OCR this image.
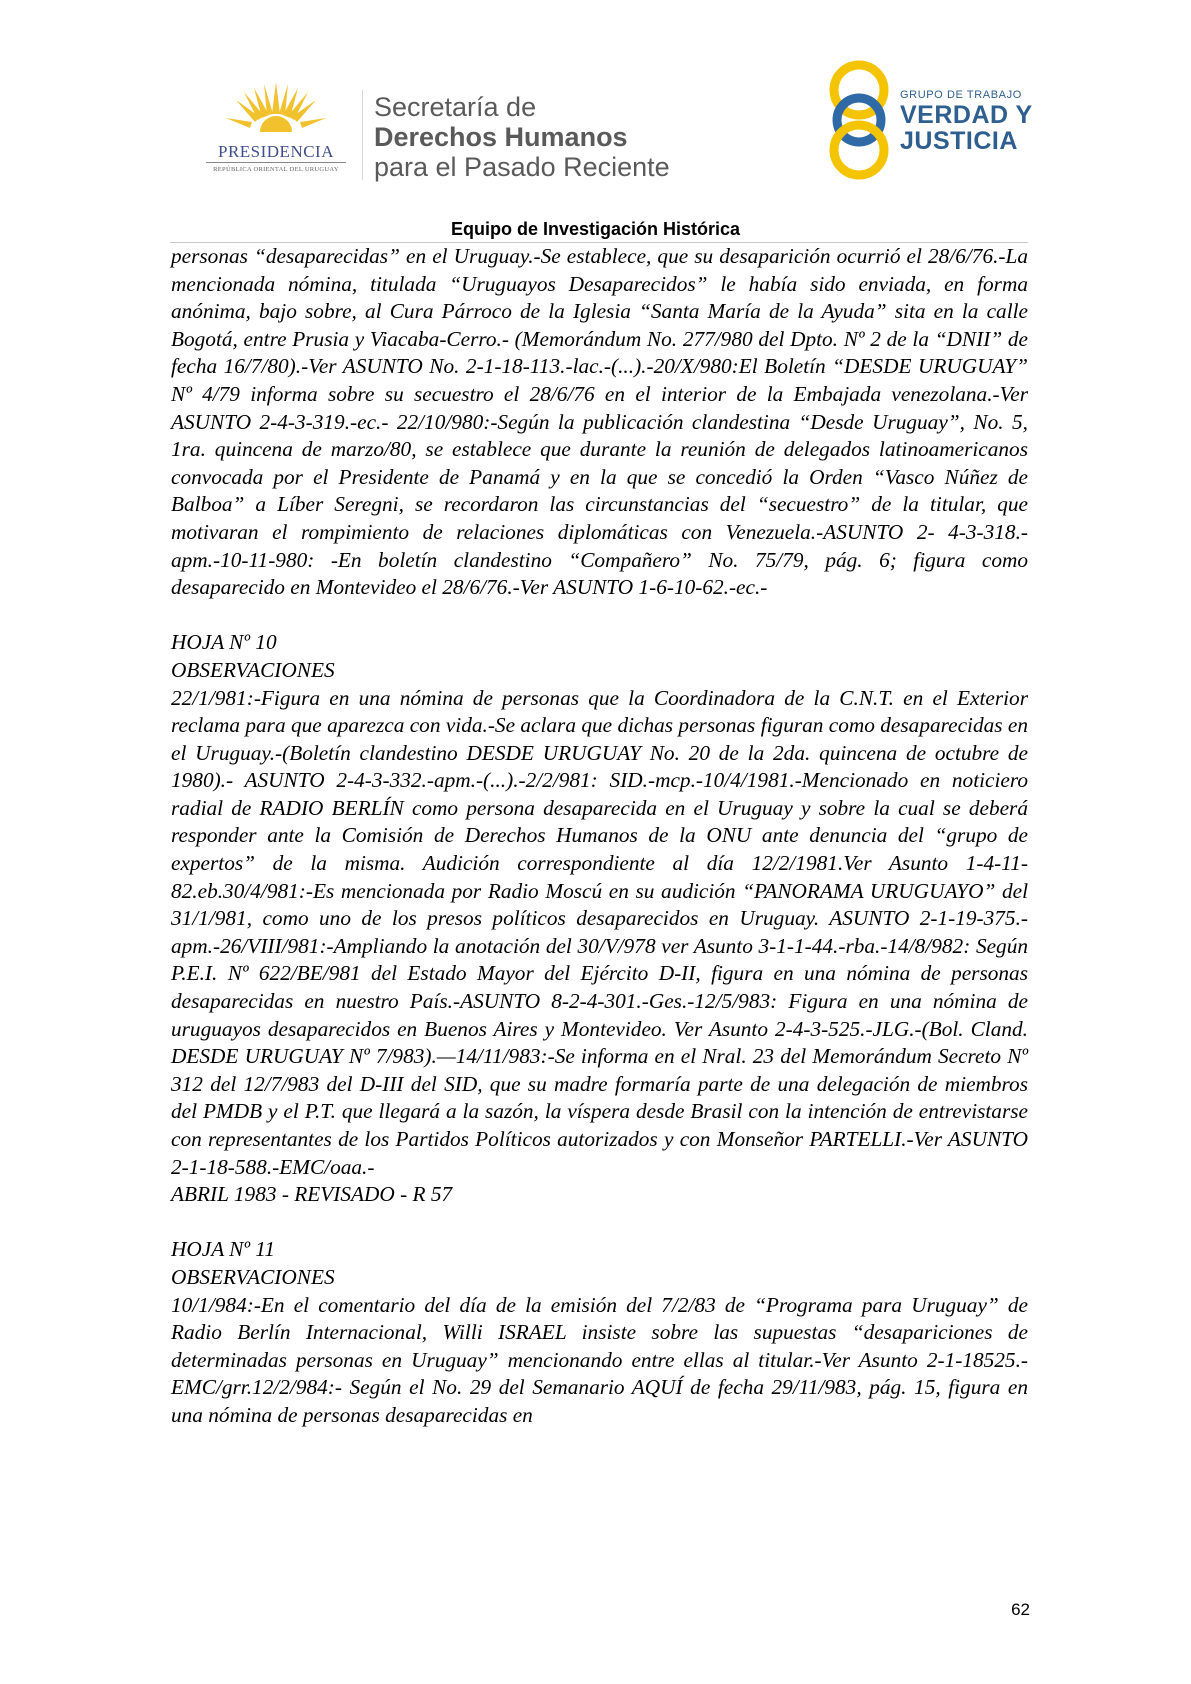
PRESIDENCIA
REPÚBLICA ORIENTAL DEL URUGUAY
Secretaría de
Derechos Humanos
para el Pasado Reciente
GRUPO DE TRABAJO
VERDAD Y
JUSTICIA
Equipo de Investigación Histórica

personas “desaparecidas” en el Uruguay.-Se establece, que su desaparición ocurrió el 28/6/76.-La mencionada nómina, titulada “Uruguayos Desaparecidos” le había sido enviada, en forma anónima, bajo sobre, al Cura Párroco de la Iglesia “Santa María de la Ayuda” sita en la calle Bogotá, entre Prusia y Viacaba-Cerro.- (Memorándum No. 277/980 del Dpto. Nº 2 de la “DNII” de fecha 16/7/80).-Ver ASUNTO No. 2-1-18-113.-lac.-(...).-20/X/980:El Boletín “DESDE URUGUAY” Nº 4/79 informa sobre su secuestro el 28/6/76 en el interior de la Embajada venezolana.-Ver ASUNTO 2-4-3-319.-ec.- 22/10/980:-Según la publicación clandestina “Desde Uruguay”, No. 5, 1ra. quincena de marzo/80, se establece que durante la reunión de delegados latinoamericanos convocada por el Presidente de Panamá y en la que se concedió la Orden “Vasco Núñez de Balboa” a Líber Seregni, se recordaron las circunstancias del “secuestro” de la titular, que motivaran el rompimiento de relaciones diplomáticas con Venezuela.-ASUNTO 2- 4-3-318.-apm.-10-11-980: -En boletín clandestino “Compañero” No. 75/79, pág. 6; figura como desaparecido en Montevideo el 28/6/76.-Ver ASUNTO 1-6-10-62.-ec.-

HOJA Nº 10

OBSERVACIONES

22/1/981:-Figura en una nómina de personas que la Coordinadora de la C.N.T. en el Exterior reclama para que aparezca con vida.-Se aclara que dichas personas figuran como desaparecidas en el Uruguay.-(Boletín clandestino DESDE URUGUAY No. 20 de la 2da. quincena de octubre de 1980).- ASUNTO 2-4-3-332.-apm.-(...).-2/2/981: SID.-mcp.-10/4/1981.-Mencionado en noticiero radial de RADIO BERLÍN como persona desaparecida en el Uruguay y sobre la cual se deberá responder ante la Comisión de Derechos Humanos de la ONU ante denuncia del “grupo de expertos” de la misma. Audición correspondiente al día 12/2/1981.Ver Asunto 1-4-11-82.eb.30/4/981:-Es mencionada por Radio Moscú en su audición “PANORAMA URUGUAYO” del 31/1/981, como uno de los presos políticos desaparecidos en Uruguay. ASUNTO 2-1-19-375.-apm.-26/VIII/981:-Ampliando la anotación del 30/V/978 ver Asunto 3-1-1-44.-rba.-14/8/982: Según P.E.I. Nº 622/BE/981 del Estado Mayor del Ejército D-II, figura en una nómina de personas desaparecidas en nuestro País.-ASUNTO 8-2-4-301.-Ges.-12/5/983: Figura en una nómina de uruguayos desaparecidos en Buenos Aires y Montevideo. Ver Asunto 2-4-3-525.-JLG.-(Bol. Cland. DESDE URUGUAY Nº 7/983).—14/11/983:-Se informa en el Nral. 23 del Memorándum Secreto Nº 312 del 12/7/983 del D-III del SID, que su madre formaría parte de una delegación de miembros del PMDB y el P.T. que llegará a la sazón, la víspera desde Brasil con la intención de entrevistarse con representantes de los Partidos Políticos autorizados y con Monseñor PARTELLI.-Ver ASUNTO 2-1-18-588.-EMC/oaa.-

ABRIL 1983 - REVISADO - R 57

HOJA Nº 11

OBSERVACIONES

10/1/984:-En el comentario del día de la emisión del 7/2/83 de “Programa para Uruguay” de Radio Berlín Internacional, Willi ISRAEL insiste sobre las supuestas “desapariciones de determinadas personas en Uruguay” mencionando entre ellas al titular.-Ver Asunto 2-1-18525.-EMC/grr.12/2/984:- Según el No. 29 del Semanario AQUÍ de fecha 29/11/983, pág. 15, figura en una nómina de personas desaparecidas en

62
